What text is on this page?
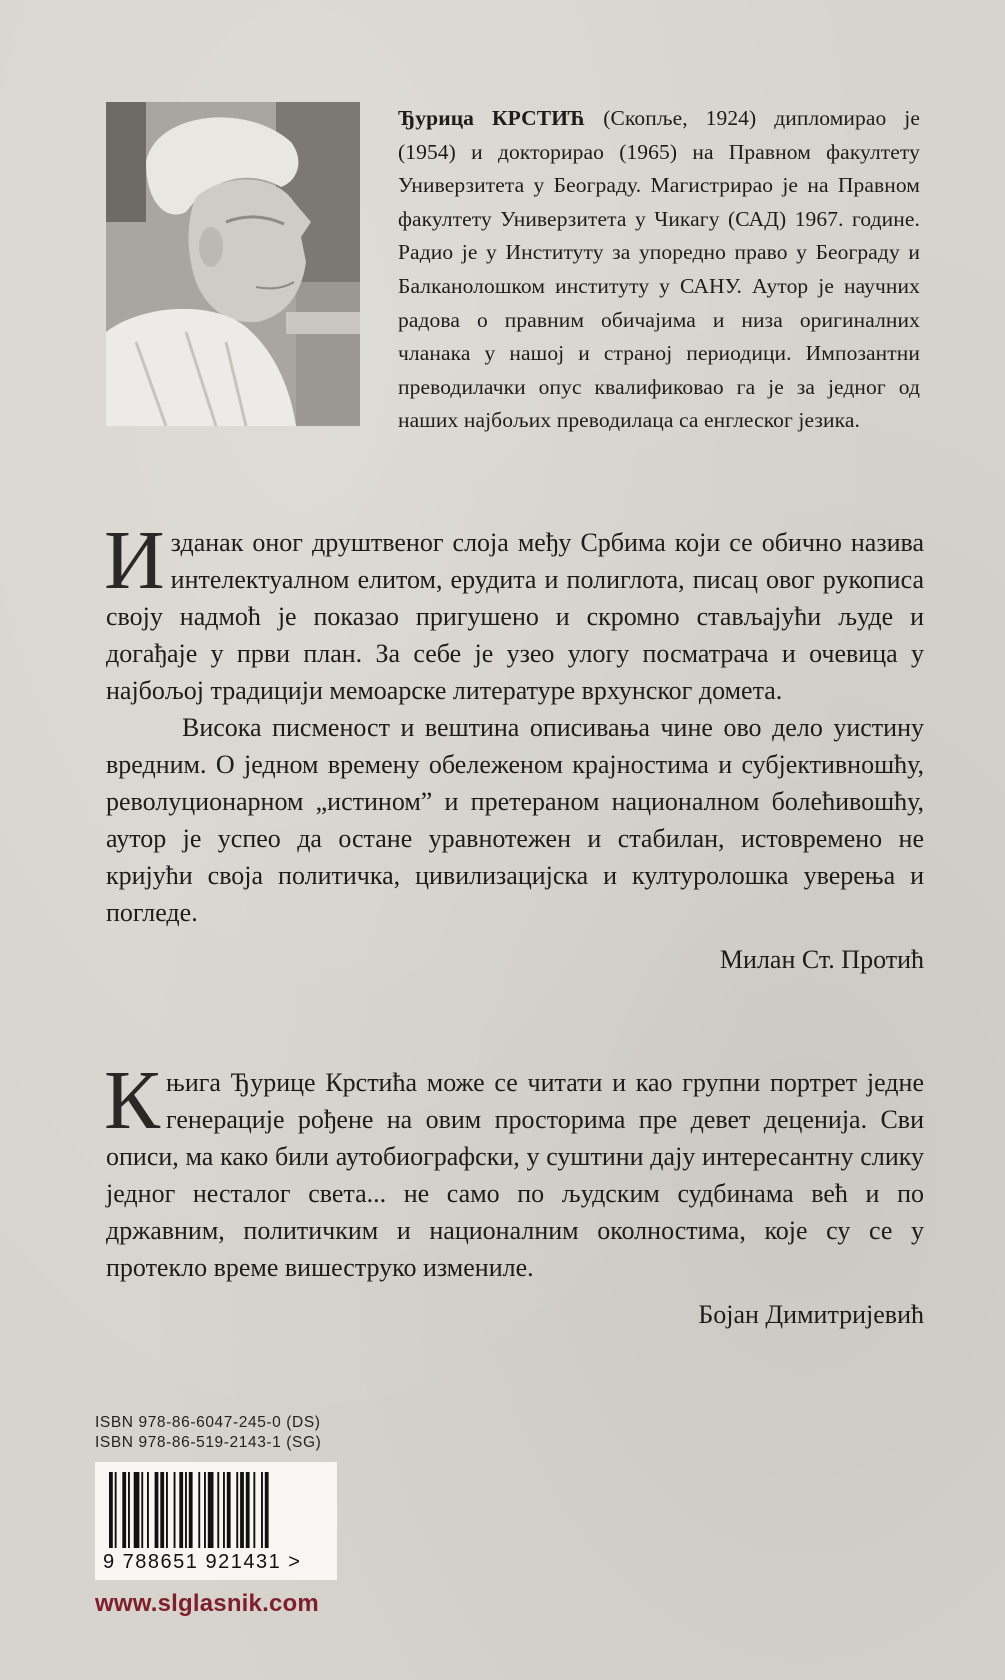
Ђурица КРСТИЋ (Скопље, 1924) дипломирао је (1954) и докторирао (1965) на Правном факултету Универзитета у Београду. Магистрирао је на Правном факултету Универзитета у Чикагу (САД) 1967. године. Радио је у Институту за упоредно право у Београду и Балканолошком институту у САНУ. Аутор је научних радова о правним обичајима и низа оригиналних чланака у нашој и страној периодици. Импозантни преводилачки опус квалификовао га је за једног од наших најбољих преводилаца са енглеског језика.

Изданак оног друштвеног слоја међу Србима који се обично назива интелектуалном елитом, ерудита и полиглота, писац овог рукописа своју надмоћ је показао пригушено и скромно стављајући људе и догађаје у први план. За себе је узео улогу посматрача и очевица у најбољој традицији мемоарске литературе врхунског домета.

Висока писменост и вештина описивања чине ово дело уистину вредним. О једном времену обележеном крајностима и субјективношћу, револуционарном „истином” и претераном националном болећивошћу, аутор је успео да остане уравнотежен и стабилан, истовремено не кријући своја политичка, цивилизацијска и културолошка уверења и погледе.

Милан Ст. Протић

Књига Ђурице Крстића може се читати и као групни портрет једне генерације рођене на овим просторима пре девет деценија. Сви описи, ма како били аутобиографски, у суштини дају интересантну слику једног несталог света... не само по људским судбинама већ и по државним, политичким и националним околностима, које су се у протекло време вишеструко измениле.

Бојан Димитријевић
ISBN 978-86-6047-245-0 (DS)
ISBN 978-86-519-2143-1 (SG)
9 788651 921431 >
www.slglasnik.com
